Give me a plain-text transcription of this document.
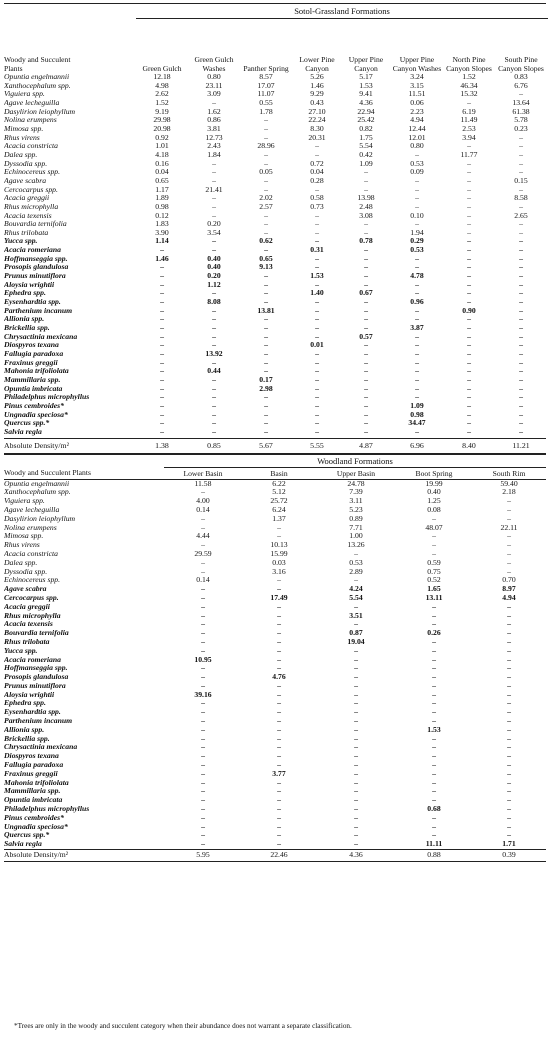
	Sotol-Grassland Formations							

Woody and Succulent Plants	Green Gulch	Green Gulch Washes	Panther Spring	Lower Pine Canyon	Upper Pine Canyon	Upper Pine Canyon Washes	North Pine Canyon Slopes	South Pine Canyon Slopes
Opuntia engelmannii	12.18	0.80	8.57	5.26	5.17	3.24	1.52	0.83
Xanthocephalum spp.	4.98	23.11	17.07	1.46	1.53	3.15	46.34	6.76
Viguiera spp.	2.62	3.09	11.07	9.29	9.41	11.51	15.32	–
Agave lecheguilla	1.52	–	0.55	0.43	4.36	0.06	–	13.64
Dasylirion leiophyllum	9.19	1.62	1.78	27.10	22.94	2.23	6.19	61.38
Nolina erumpens	29.98	0.86	–	22.24	25.42	4.94	11.49	5.78
Mimosa spp.	20.98	3.81	–	8.30	0.82	12.44	2.53	0.23
Rhus virens	0.92	12.73	–	20.31	1.75	12.01	3.94	–
Acacia constricta	1.01	2.43	28.96	–	5.54	0.80	–	–
Dalea spp.	4.18	1.84	–	–	0.42	–	11.77	–
Dyssodia spp.	0.16	–	–	0.72	1.09	0.53	–	–
Echinocereus spp.	0.04	–	0.05	0.04	–	0.09	–	–
Agave scabra	0.65	–	–	0.28	–	–	–	0.15
Cercocarpus spp.	1.17	21.41	–	–	–	–	–	–
Acacia greggii	1.89	–	2.02	0.58	13.98	–	–	8.58
Rhus microphylla	0.98	–	2.57	0.73	2.48	–	–	–
Acacia texensis	0.12	–	–	–	3.08	0.10	–	2.65
Bouvardia ternifolia	1.83	0.20	–	–	–	–	–	–
Rhus trilobata	3.90	3.54	–	–	–	1.94	–	–
Yucca spp.	1.14	–	0.62	–	0.78	0.29	–	–
Acacia romeriana	–	–	–	0.31	–	0.53	–	–
Hoffmanseggia spp.	1.46	0.40	0.65	–	–	–	–	–
Prosopis glandulosa	–	0.40	9.13	–	–	–	–	–
Prunus minutiflora	–	0.20	–	1.53	–	4.78	–	–
Aloysia wrightii	–	1.12	–	–	–	–	–	–
Ephedra spp.	–	–	–	1.40	0.67	–	–	–
Eysenhardtia spp.	–	8.08	–	–	–	0.96	–	–
Parthenium incanum	–	–	13.81	–	–	–	0.90	–
Allionia spp.	–	–	–	–	–	–	–	–
Brickellia spp.	–	–	–	–	–	3.87	–	–
Chrysactinia mexicana	–	–	–	–	0.57	–	–	–
Diospyros texana	–	–	–	0.01	–	–	–	–
Fallugia paradoxa	–	13.92	–	–	–	–	–	–
Fraxinus greggii	–	–	–	–	–	–	–	–
Mahonia trifoliolata	–	0.44	–	–	–	–	–	–
Mammillaria spp.	–	–	0.17	–	–	–	–	–
Opuntia imbricata	–	–	2.98	–	–	–	–	–
Philadelphus microphyllus	–	–	–	–	–	–	–	–
Pinus cembroides*	–	–	–	–	–	1.09	–	–
Ungnadia speciosa*	–	–	–	–	–	0.98	–	–
Quercus spp.*	–	–	–	–	–	34.47	–	–
Salvia regla	–	–	–	–	–	–	–	–
Absolute Density/m²	1.38	0.85	5.67	5.55	4.87	6.96	8.40	11.21
	Woodland Formations				
Woody and Succulent Plants	Lower Basin	Basin	Upper Basin	Boot Spring	South Rim
Opuntia engelmannii	11.58	6.22	24.78	19.99	59.40
Xanthocephalum spp.	–	5.12	7.39	0.40	2.18
Viguiera spp.	4.00	25.72	3.11	1.25	–
Agave lecheguilla	0.14	6.24	5.23	0.08	–
Dasylirion leiophyllum	–	1.37	0.89	–	–
Nolina erumpens	–	–	7.71	48.07	22.11
Mimosa spp.	4.44	–	1.00	–	–
Rhus virens	–	10.13	13.26	–	–
Acacia constricta	29.59	15.99	–	–	–
Dalea spp.	–	0.03	0.53	0.59	–
Dyssodia spp.	–	3.16	2.89	0.75	–
Echinocereus spp.	0.14	–	–	0.52	0.70
Agave scabra	–	–	4.24	1.65	8.97
Cercocarpus spp.	–	17.49	5.54	13.11	4.94
Acacia greggii	–	–	–	–	–
Rhus microphylla	–	–	3.51	–	–
Acacia texensis	–	–	–	–	–
Bouvardia ternifolia	–	–	0.87	0.26	–
Rhus trilobata	–	–	19.04	–	–
Yucca spp.	–	–	–	–	–
Acacia romeriana	10.95	–	–	–	–
Hoffmanseggia spp.	–	–	–	–	–
Prosopis glandulosa	–	4.76	–	–	–
Prunus minutiflora	–	–	–	–	–
Aloysia wrightii	39.16	–	–	–	–
Ephedra spp.	–	–	–	–	–
Eysenhardtia spp.	–	–	–	–	–
Parthenium incanum	–	–	–	–	–
Allionia spp.	–	–	–	1.53	–
Brickellia spp.	–	–	–	–	–
Chrysactinia mexicana	–	–	–	–	–
Diospyros texana	–	–	–	–	–
Fallugia paradoxa	–	–	–	–	–
Fraxinus greggii	–	3.77	–	–	–
Mahonia trifoliolata	–	–	–	–	–
Mammillaria spp.	–	–	–	–	–
Opuntia imbricata	–	–	–	–	–
Philadelphus microphyllus	–	–	–	0.68	–
Pinus cembroides*	–	–	–	–	–
Ungnadia speciosa*	–	–	–	–	–
Quercus spp.*	–	–	–	–	–
Salvia regla	–	–	–	11.11	1.71
Absolute Density/m²	5.95	22.46	4.36	0.88	0.39
*Trees are only in the woody and succulent category when their abundance does not warrant a separate classification.
